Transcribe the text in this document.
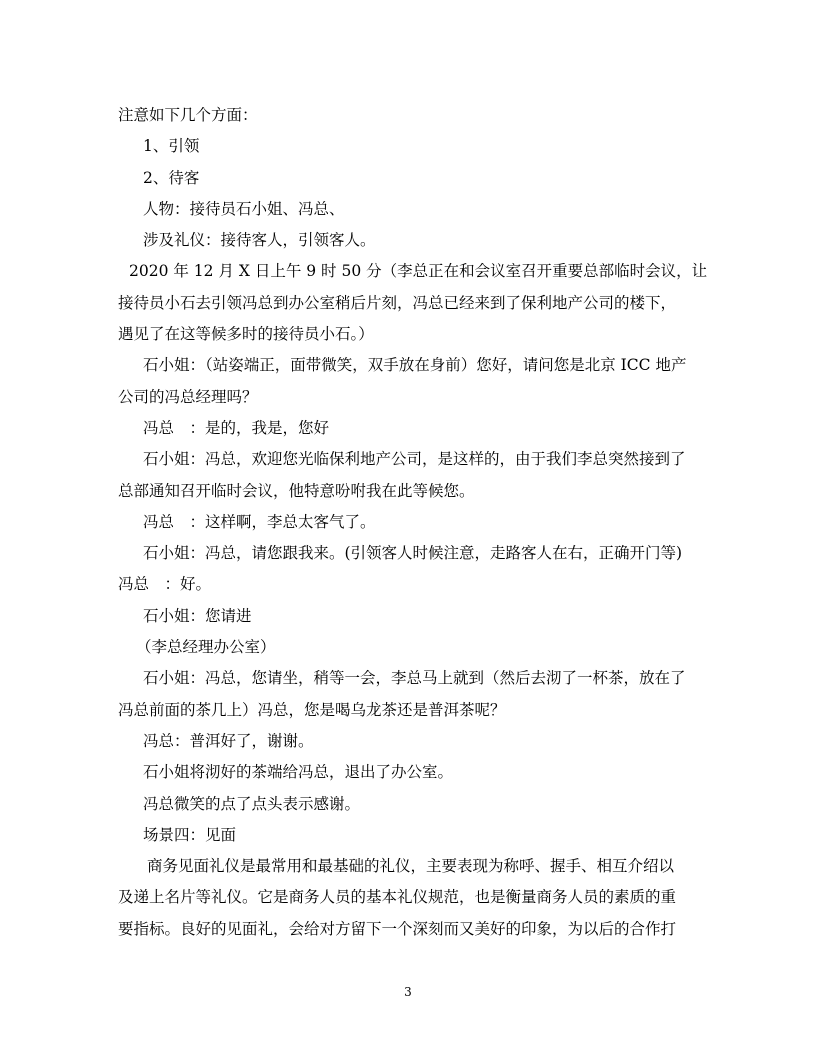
注意如下几个方面：
1、引领
2、待客
人物：接待员石小姐、冯总、
涉及礼仪：接待客人，引领客人。
2020 年 12 月 X 日上午 9 时 50 分（李总正在和会议室召开重要总部临时会议，让
接待员小石去引领冯总到办公室稍后片刻，冯总已经来到了保利地产公司的楼下，
遇见了在这等候多时的接待员小石。）
石小姐：（站姿端正，面带微笑，双手放在身前）您好，请问您是北京 ICC 地产
公司的冯总经理吗？
冯总　：是的，我是，您好
石小姐：冯总，欢迎您光临保利地产公司，是这样的，由于我们李总突然接到了
总部通知召开临时会议，他特意吩咐我在此等候您。
冯总　：这样啊，李总太客气了。
石小姐：冯总，请您跟我来。(引领客人时候注意，走路客人在右，正确开门等)
冯总　：好。
石小姐：您请进
（李总经理办公室）
石小姐：冯总，您请坐，稍等一会，李总马上就到（然后去沏了一杯茶，放在了
冯总前面的茶几上）冯总，您是喝乌龙茶还是普洱茶呢？
冯总：普洱好了，谢谢。
石小姐将沏好的茶端给冯总，退出了办公室。
冯总微笑的点了点头表示感谢。
场景四：见面
商务见面礼仪是最常用和最基础的礼仪，主要表现为称呼、握手、相互介绍以
及递上名片等礼仪。它是商务人员的基本礼仪规范，也是衡量商务人员的素质的重
要指标。良好的见面礼，会给对方留下一个深刻而又美好的印象，为以后的合作打
3
